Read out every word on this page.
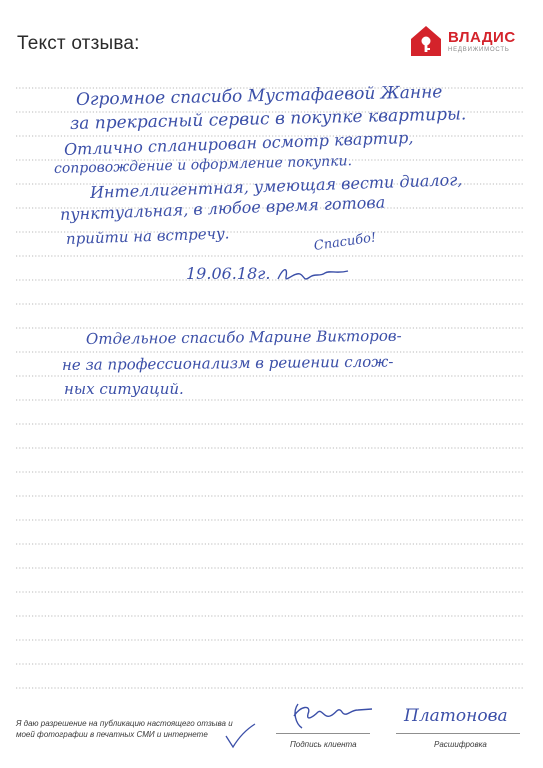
Текст отзыва:	ВЛАДИС
НЕДВИЖИМОСТЬ
Огромное спасибо Мустафаевой Жанне
за прекрасный сервис в покупке квартиры.
Отлично спланирован осмотр квартир,
сопровождение и оформление покупки.
Интеллигентная, умеющая вести диалог,
пунктуальная, в любое время готова
прийти на встречу.	Спасибо!
19.06.18г.
Отдельное спасибо Марине Викторов-
не за профессионализм в решении слож-
ных ситуаций.
Я даю разрешение на публикацию настоящего отзыва и моей фотографии в печатных СМИ и интернете
Подпись клиента
Платонова
Расшифровка
